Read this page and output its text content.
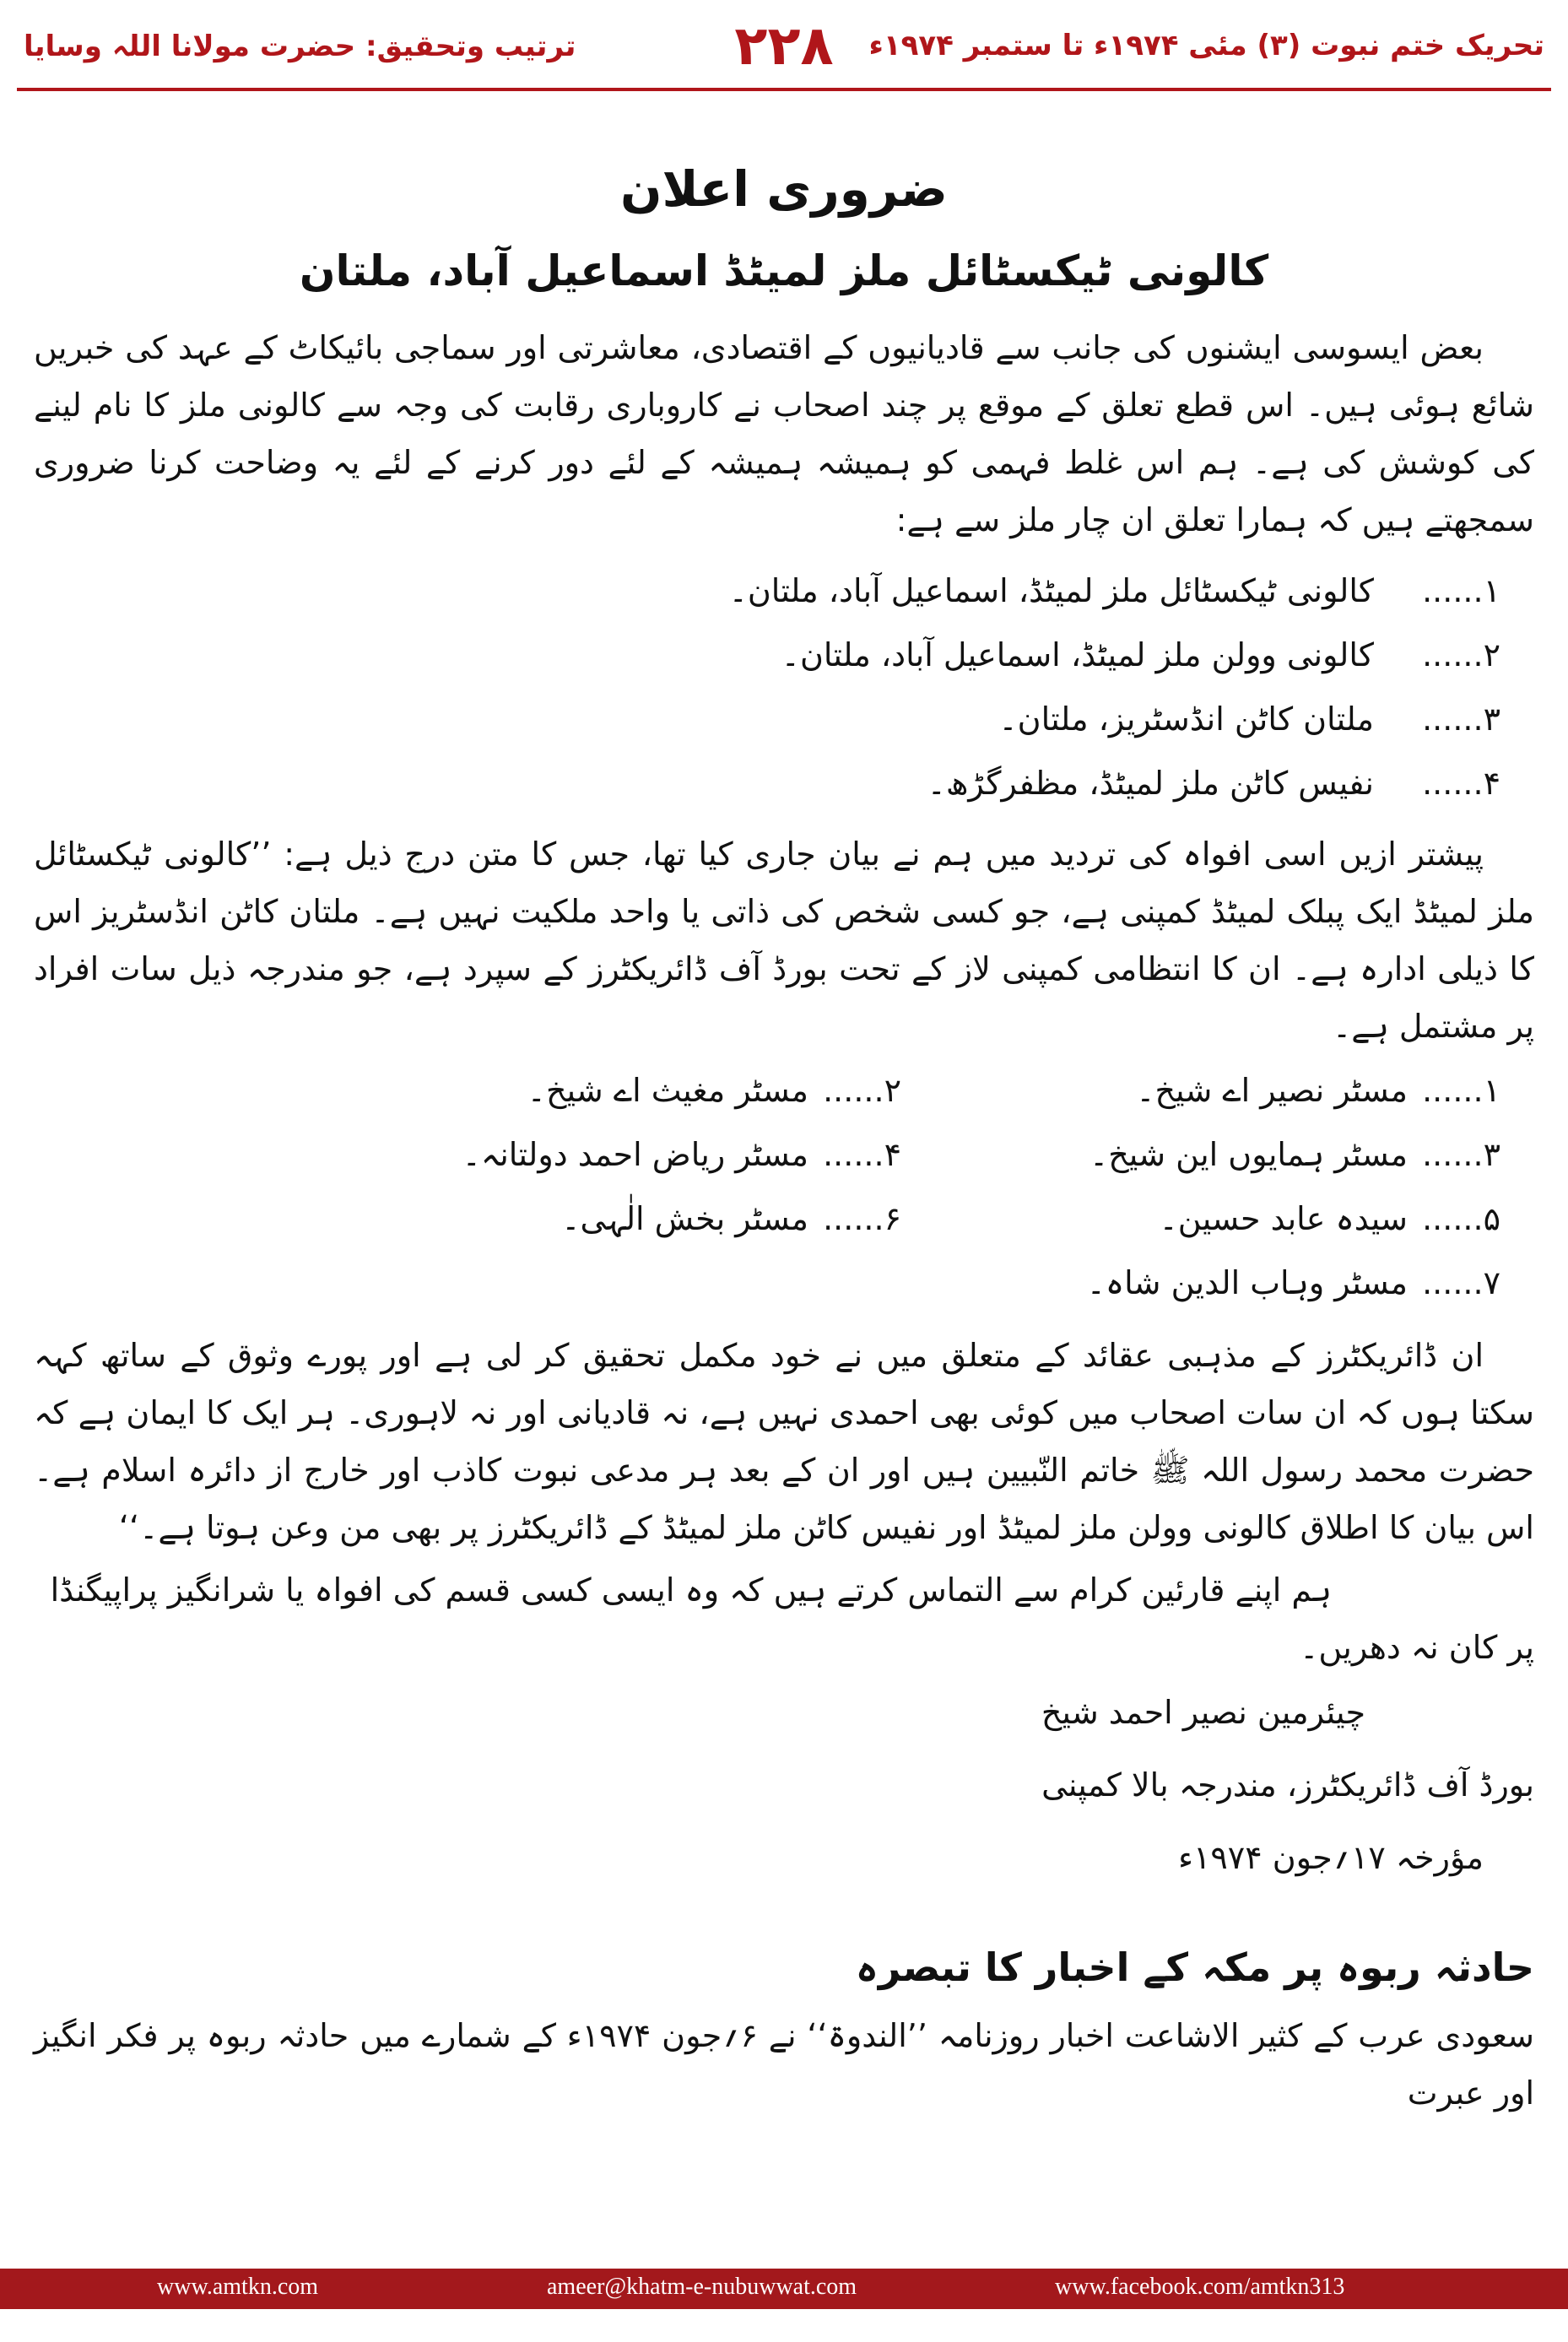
تحریک ختم نبوت (۳) مئی ۱۹۷۴ء تا ستمبر ۱۹۷۴ء
۲۲۸
ترتیب وتحقیق: حضرت مولانا اللہ وسایا
ضروری اعلان
کالونی ٹیکسٹائل ملز لمیٹڈ اسماعیل آباد، ملتان

بعض ایسوسی ایشنوں کی جانب سے قادیانیوں کے اقتصادی، معاشرتی اور سماجی بائیکاٹ کے عہد کی خبریں شائع ہوئی ہیں۔ اس قطع تعلق کے موقع پر چند اصحاب نے کاروباری رقابت کی وجہ سے کالونی ملز کا نام لینے کی کوشش کی ہے۔ ہم اس غلط فہمی کو ہمیشہ ہمیشہ کے لئے دور کرنے کے لئے یہ وضاحت کرنا ضروری سمجھتے ہیں کہ ہمارا تعلق ان چار ملز سے ہے:

۱......
کالونی ٹیکسٹائل ملز لمیٹڈ، اسماعیل آباد، ملتان۔
۲......
کالونی وولن ملز لمیٹڈ، اسماعیل آباد، ملتان۔
۳......
ملتان کاٹن انڈسٹریز، ملتان۔
۴......
نفیس کاٹن ملز لمیٹڈ، مظفرگڑھ۔

پیشتر ازیں اسی افواہ کی تردید میں ہم نے بیان جاری کیا تھا، جس کا متن درج ذیل ہے: ’’کالونی ٹیکسٹائل ملز لمیٹڈ ایک پبلک لمیٹڈ کمپنی ہے، جو کسی شخص کی ذاتی یا واحد ملکیت نہیں ہے۔ ملتان کاٹن انڈسٹریز اس کا ذیلی ادارہ ہے۔ ان کا انتظامی کمپنی لاز کے تحت بورڈ آف ڈائریکٹرز کے سپرد ہے، جو مندرجہ ذیل سات افراد پر مشتمل ہے۔

۱......
مسٹر نصیر اے شیخ۔
۲......
مسٹر مغیث اے شیخ۔
۳......
مسٹر ہمایوں این شیخ۔
۴......
مسٹر ریاض احمد دولتانہ۔
۵......
سیدہ عابد حسین۔
۶......
مسٹر بخش الٰہی۔
۷......
مسٹر وہاب الدین شاہ۔

ان ڈائریکٹرز کے مذہبی عقائد کے متعلق میں نے خود مکمل تحقیق کر لی ہے اور پورے وثوق کے ساتھ کہہ سکتا ہوں کہ ان سات اصحاب میں کوئی بھی احمدی نہیں ہے، نہ قادیانی اور نہ لاہوری۔ ہر ایک کا ایمان ہے کہ حضرت محمد رسول اللہ ﷺ خاتم النّبیین ہیں اور ان کے بعد ہر مدعی نبوت کاذب اور خارج از دائرہ اسلام ہے۔ اس بیان کا اطلاق کالونی وولن ملز لمیٹڈ اور نفیس کاٹن ملز لمیٹڈ کے ڈائریکٹرز پر بھی من وعن ہوتا ہے۔‘‘

ہم اپنے قارئین کرام سے التماس کرتے ہیں کہ وہ ایسی کسی قسم کی افواہ یا شرانگیز پراپیگنڈا پر کان نہ دھریں۔

چیئرمین نصیر احمد شیخ

بورڈ آف ڈائریکٹرز، مندرجہ بالا کمپنی

مؤرخہ ۱۷؍جون ۱۹۷۴ء

حادثہ ربوہ پر مکہ کے اخبار کا تبصرہ

سعودی عرب کے کثیر الاشاعت اخبار روزنامہ ’’الندوۃ‘‘ نے ۶؍جون ۱۹۷۴ء کے شمارے میں حادثہ ربوہ پر فکر انگیز اور عبرت

www.amtkn.com	ameer@khatm-e-nubuwwat.com	www.facebook.com/amtkn313
